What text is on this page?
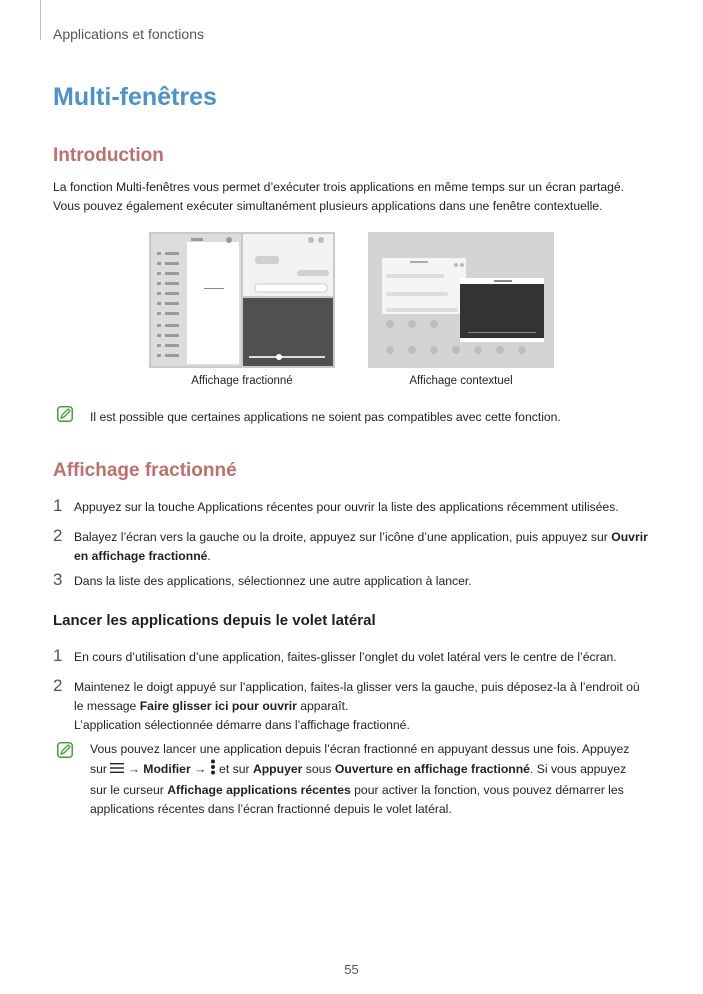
Applications et fonctions
Multi-fenêtres
Introduction
La fonction Multi-fenêtres vous permet d’exécuter trois applications en même temps sur un écran partagé.
Vous pouvez également exécuter simultanément plusieurs applications dans une fenêtre contextuelle.
Affichage fractionné	Affichage contextuel
Il est possible que certaines applications ne soient pas compatibles avec cette fonction.
Affichage fractionné
1 Appuyez sur la touche Applications récentes pour ouvrir la liste des applications récemment utilisées.
2 Balayez l’écran vers la gauche ou la droite, appuyez sur l’icône d’une application, puis appuyez sur Ouvrir
en affichage fractionné.
3 Dans la liste des applications, sélectionnez une autre application à lancer.
Lancer les applications depuis le volet latéral
1 En cours d’utilisation d’une application, faites-glisser l’onglet du volet latéral vers le centre de l’écran.
2 Maintenez le doigt appuyé sur l’application, faites-la glisser vers la gauche, puis déposez-la à l’endroit où
le message Faire glisser ici pour ouvrir apparaît.
L’application sélectionnée démarre dans l’affichage fractionné.
Vous pouvez lancer une application depuis l’écran fractionné en appuyant dessus une fois. Appuyez
sur  → Modifier →  et sur Appuyer sous Ouverture en affichage fractionné. Si vous appuyez
sur le curseur Affichage applications récentes pour activer la fonction, vous pouvez démarrer les
applications récentes dans l’écran fractionné depuis le volet latéral.
55
